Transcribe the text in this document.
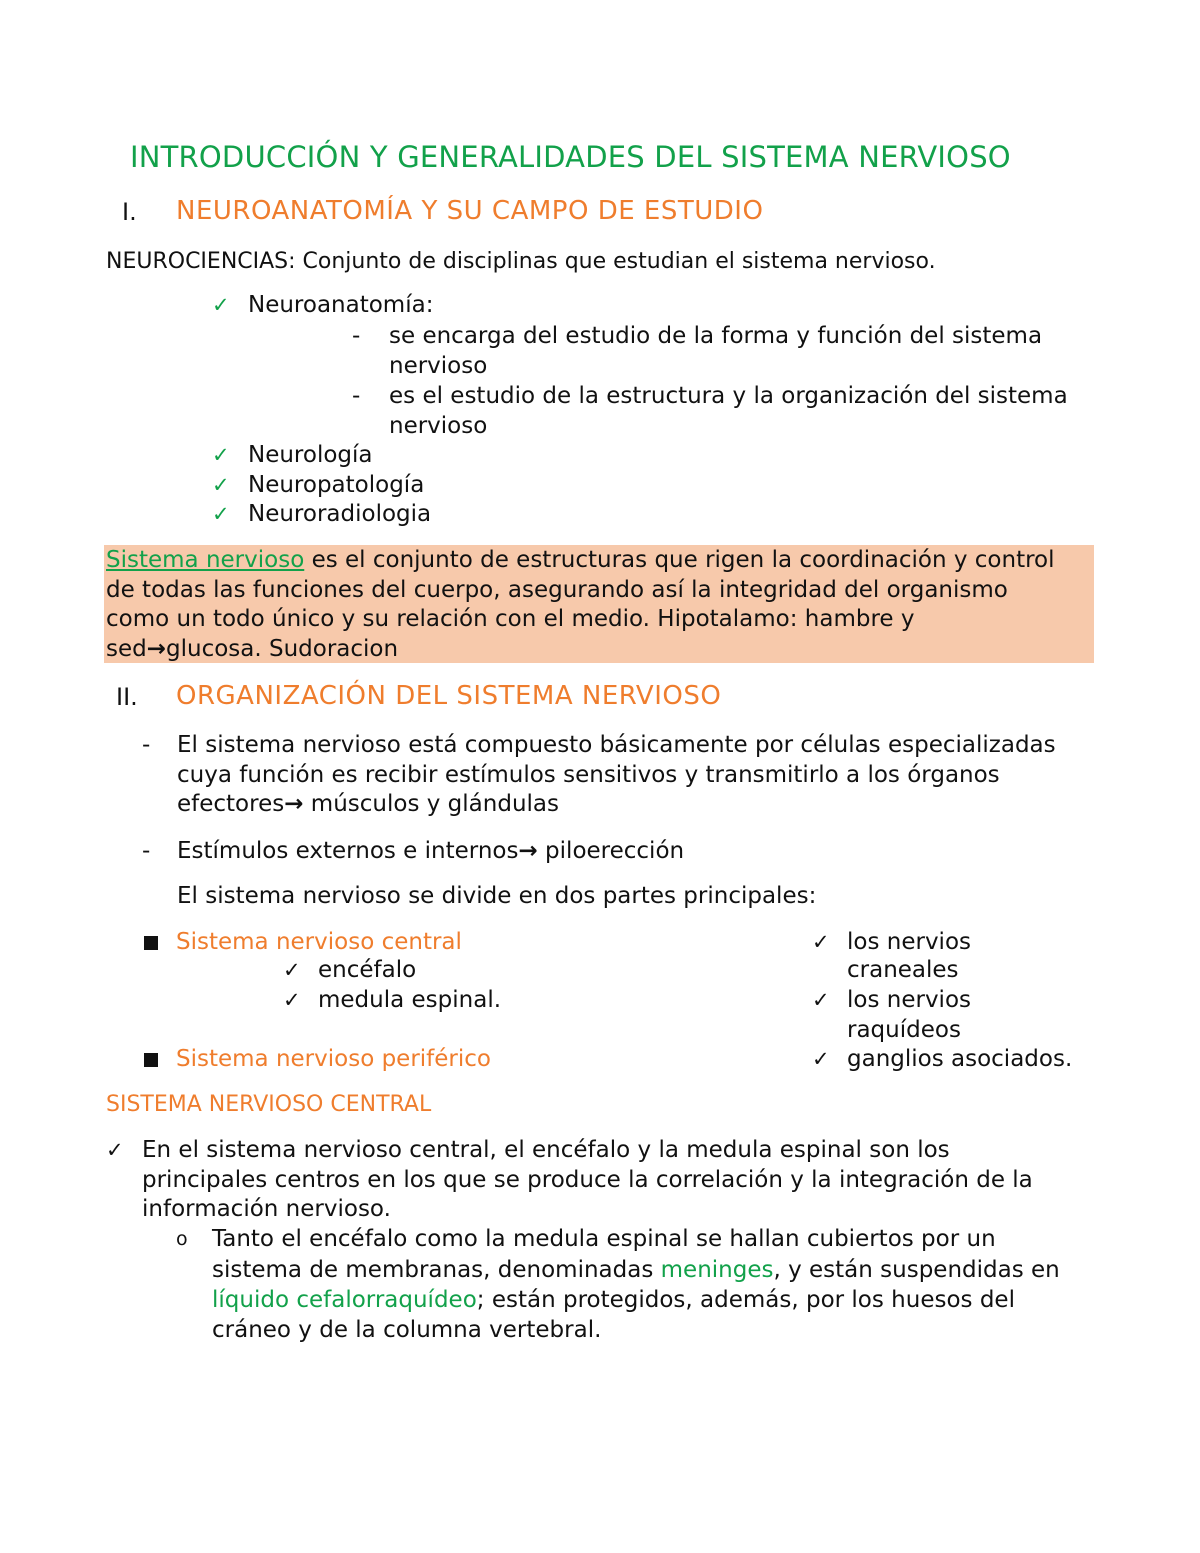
INTRODUCCIÓN Y GENERALIDADES DEL SISTEMA NERVIOSO
I. NEUROANATOMÍA Y SU CAMPO DE ESTUDIO
NEUROCIENCIAS: Conjunto de disciplinas que estudian el sistema nervioso.
✓ Neuroanatomía:
- se encarga del estudio de la forma y función del sistema
nervioso
- es el estudio de la estructura y la organización del sistema
nervioso
✓ Neurología
✓ Neuropatología
✓ Neuroradiologia
Sistema nervioso es el conjunto de estructuras que rigen la coordinación y control
de todas las funciones del cuerpo, asegurando así la integridad del organismo
como un todo único y su relación con el medio. Hipotalamo: hambre y
sed→glucosa. Sudoracion
II. ORGANIZACIÓN DEL SISTEMA NERVIOSO
- El sistema nervioso está compuesto básicamente por células especializadas
cuya función es recibir estímulos sensitivos y transmitirlo a los órganos
efectores→ músculos y glándulas
- Estímulos externos e internos→ piloerección
El sistema nervioso se divide en dos partes principales:
Sistema nervioso central
✓ encéfalo
✓ medula espinal.
Sistema nervioso periférico
✓ los nervios
craneales
✓ los nervios
raquídeos
✓ ganglios asociados.
SISTEMA NERVIOSO CENTRAL
✓ En el sistema nervioso central, el encéfalo y la medula espinal son los
principales centros en los que se produce la correlación y la integración de la
información nervioso.
o Tanto el encéfalo como la medula espinal se hallan cubiertos por un
sistema de membranas, denominadas meninges, y están suspendidas en
líquido cefalorraquídeo; están protegidos, además, por los huesos del
cráneo y de la columna vertebral.
